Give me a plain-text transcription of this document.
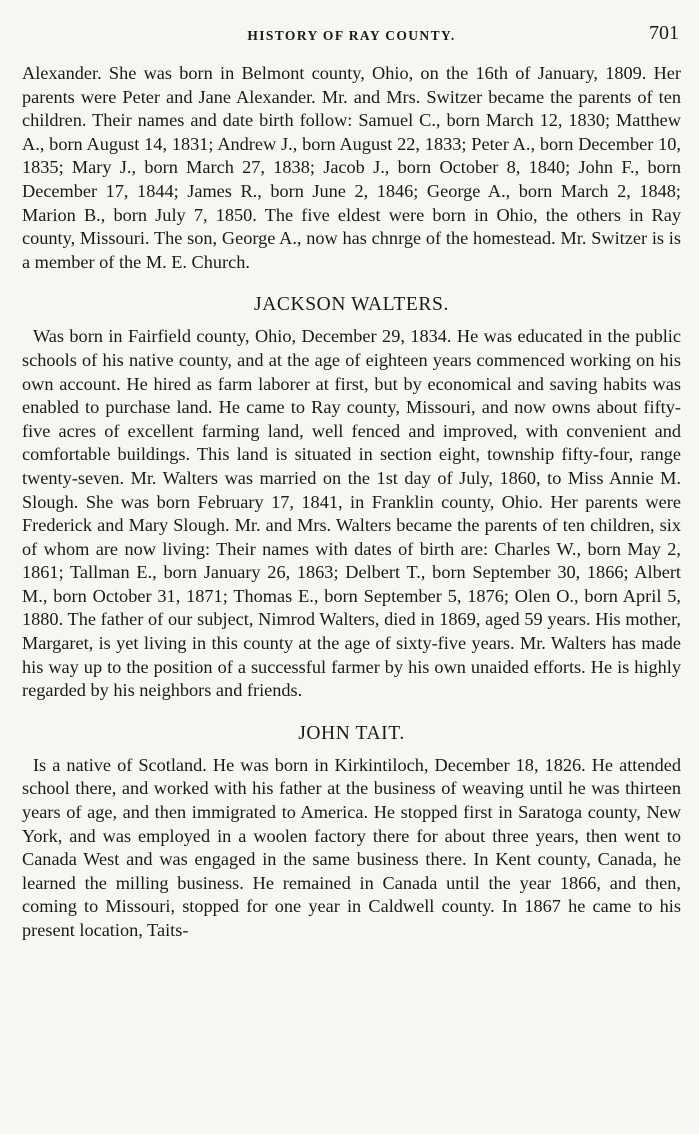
HISTORY OF RAY COUNTY.	701

Alexander. She was born in Belmont county, Ohio, on the 16th of January, 1809. Her parents were Peter and Jane Alexander. Mr. and Mrs. Switzer became the parents of ten children. Their names and date birth follow: Samuel C., born March 12, 1830; Matthew A., born August 14, 1831; Andrew J., born August 22, 1833; Peter A., born December 10, 1835; Mary J., born March 27, 1838; Jacob J., born October 8, 1840; John F., born December 17, 1844; James R., born June 2, 1846; George A., born March 2, 1848; Marion B., born July 7, 1850. The five eldest were born in Ohio, the others in Ray county, Missouri. The son, George A., now has chnrge of the homestead. Mr. Switzer is is a member of the M. E. Church.

JACKSON WALTERS.

Was born in Fairfield county, Ohio, December 29, 1834. He was educated in the public schools of his native county, and at the age of eighteen years commenced working on his own account. He hired as farm laborer at first, but by economical and saving habits was enabled to purchase land. He came to Ray county, Missouri, and now owns about fifty-five acres of excellent farming land, well fenced and improved, with convenient and comfortable buildings. This land is situated in section eight, township fifty-four, range twenty-seven. Mr. Walters was married on the 1st day of July, 1860, to Miss Annie M. Slough. She was born February 17, 1841, in Franklin county, Ohio. Her parents were Frederick and Mary Slough. Mr. and Mrs. Walters became the parents of ten children, six of whom are now living: Their names with dates of birth are: Charles W., born May 2, 1861; Tallman E., born January 26, 1863; Delbert T., born September 30, 1866; Albert M., born October 31, 1871; Thomas E., born September 5, 1876; Olen O., born April 5, 1880. The father of our subject, Nimrod Walters, died in 1869, aged 59 years. His mother, Margaret, is yet living in this county at the age of sixty-five years. Mr. Walters has made his way up to the position of a successful farmer by his own unaided efforts. He is highly regarded by his neighbors and friends.

JOHN TAIT.

Is a native of Scotland. He was born in Kirkintiloch, December 18, 1826. He attended school there, and worked with his father at the business of weaving until he was thirteen years of age, and then immigrated to America. He stopped first in Saratoga county, New York, and was employed in a woolen factory there for about three years, then went to Canada West and was engaged in the same business there. In Kent county, Canada, he learned the milling business. He remained in Canada until the year 1866, and then, coming to Missouri, stopped for one year in Caldwell county. In 1867 he came to his present location, Taits-
